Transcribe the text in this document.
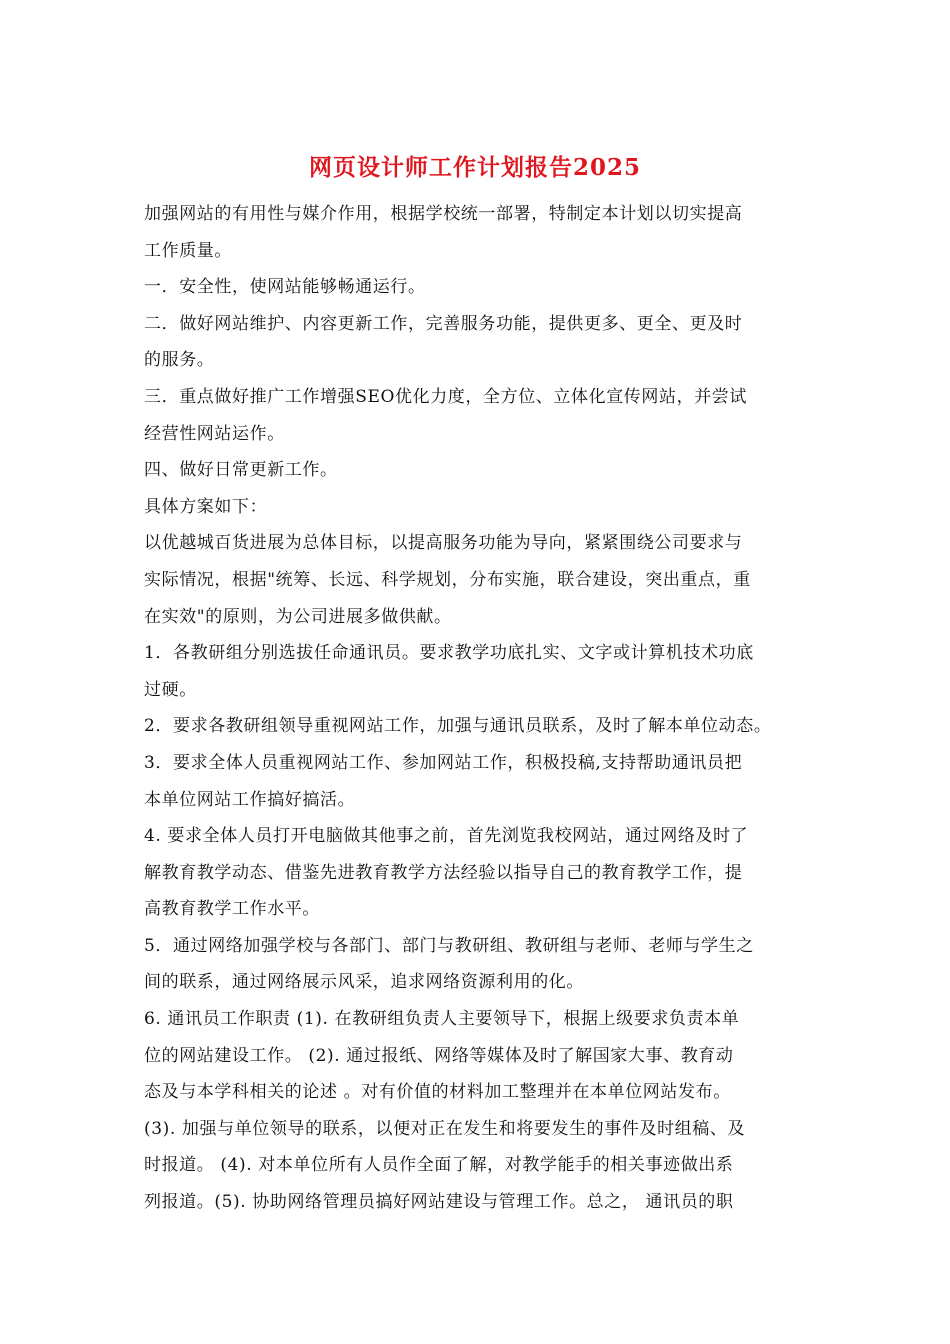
网页设计师工作计划报告2025

加强网站的有用性与媒介作用，根据学校统一部署，特制定本计划以切实提高

工作质量。

一．安全性，使网站能够畅通运行。

二．做好网站维护、内容更新工作，完善服务功能，提供更多、更全、更及时

的服务。

三．重点做好推广工作增强SEO优化力度，全方位、立体化宣传网站，并尝试

经营性网站运作。

四、做好日常更新工作。

具体方案如下：

以优越城百货进展为总体目标，以提高服务功能为导向，紧紧围绕公司要求与

实际情况，根据"统筹、长远、科学规划，分布实施，联合建设，突出重点，重

在实效"的原则，为公司进展多做供献。

1．各教研组分别选拔任命通讯员。要求教学功底扎实、文字或计算机技术功底

过硬。

2．要求各教研组领导重视网站工作，加强与通讯员联系，及时了解本单位动态。

3．要求全体人员重视网站工作、参加网站工作，积极投稿,支持帮助通讯员把

本单位网站工作搞好搞活。

4. 要求全体人员打开电脑做其他事之前，首先浏览我校网站，通过网络及时了

解教育教学动态、借鉴先进教育教学方法经验以指导自己的教育教学工作，提

高教育教学工作水平。

5．通过网络加强学校与各部门、部门与教研组、教研组与老师、老师与学生之

间的联系，通过网络展示风采，追求网络资源利用的化。

6. 通讯员工作职责 (1). 在教研组负责人主要领导下，根据上级要求负责本单

位的网站建设工作。 (2). 通过报纸、网络等媒体及时了解国家大事、教育动

态及与本学科相关的论述 。对有价值的材料加工整理并在本单位网站发布。

(3). 加强与单位领导的联系，以便对正在发生和将要发生的事件及时组稿、及

时报道。 (4). 对本单位所有人员作全面了解，对教学能手的相关事迹做出系

列报道。(5). 协助网络管理员搞好网站建设与管理工作。总之， 通讯员的职
